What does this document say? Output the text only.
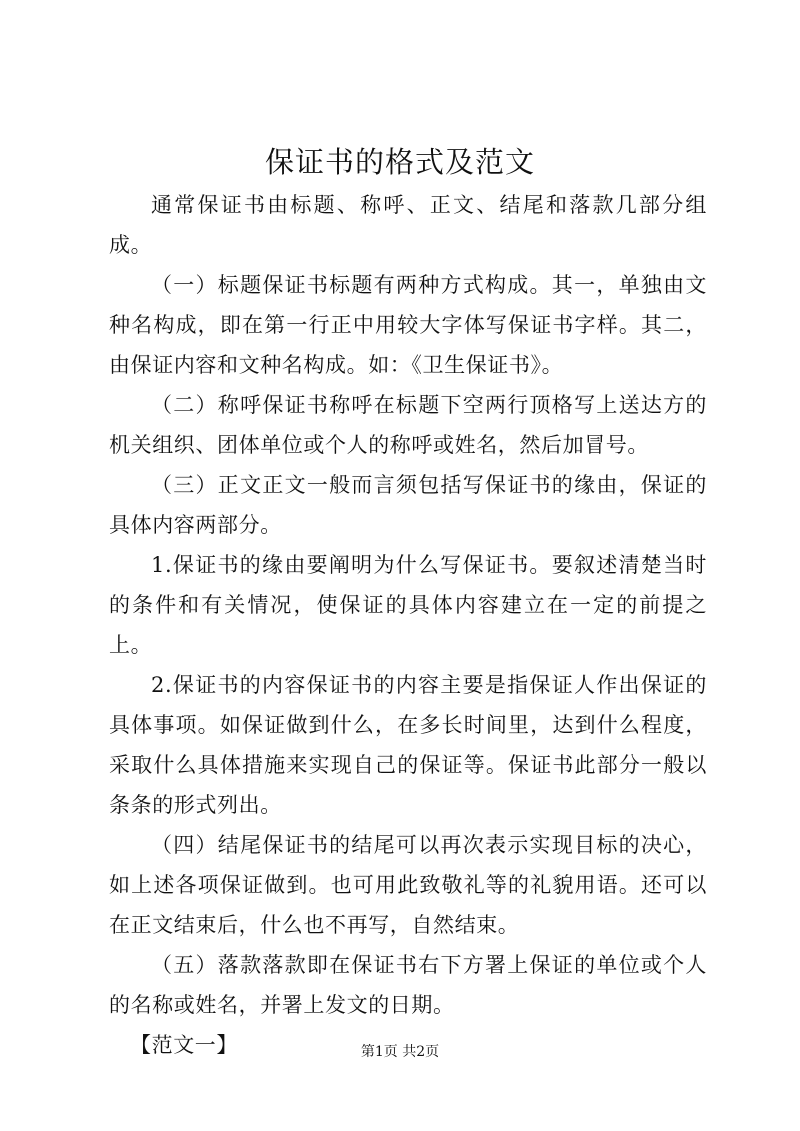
保证书的格式及范文

通常保证书由标题、称呼、正文、结尾和落款几部分组成。

（一）标题保证书标题有两种方式构成。其一，单独由文种名构成，即在第一行正中用较大字体写保证书字样。其二，由保证内容和文种名构成。如：《卫生保证书》。

（二）称呼保证书称呼在标题下空两行顶格写上送达方的机关组织、团体单位或个人的称呼或姓名，然后加冒号。

（三）正文正文一般而言须包括写保证书的缘由，保证的具体内容两部分。

1.保证书的缘由要阐明为什么写保证书。要叙述清楚当时的条件和有关情况，使保证的具体内容建立在一定的前提之上。

2.保证书的内容保证书的内容主要是指保证人作出保证的具体事项。如保证做到什么，在多长时间里，达到什么程度，采取什么具体措施来实现自己的保证等。保证书此部分一般以条条的形式列出。

（四）结尾保证书的结尾可以再次表示实现目标的决心，如上述各项保证做到。也可用此致敬礼等的礼貌用语。还可以在正文结束后，什么也不再写，自然结束。

（五）落款落款即在保证书右下方署上保证的单位或个人的名称或姓名，并署上发文的日期。

【范文一】	第1页 共2页
